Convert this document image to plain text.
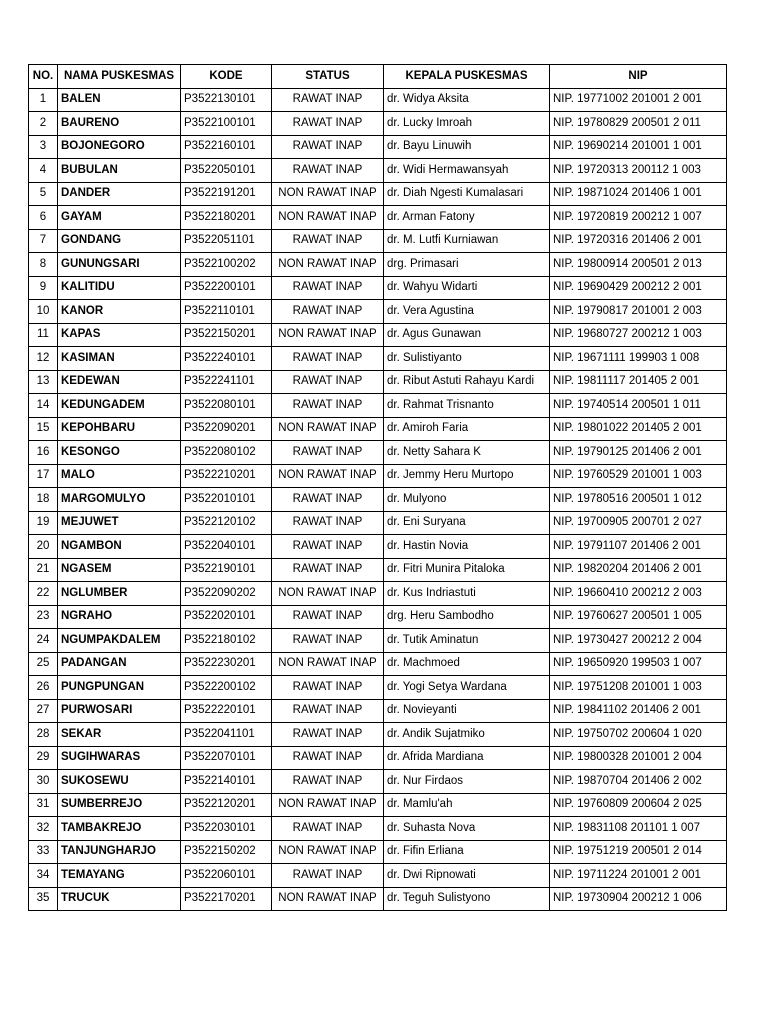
NO.	NAMA PUSKESMAS	KODE	STATUS	KEPALA PUSKESMAS	NIP
1	BALEN	P3522130101	RAWAT INAP	dr. Widya Aksita	NIP. 19771002 201001 2 001
2	BAURENO	P3522100101	RAWAT INAP	dr. Lucky Imroah	NIP. 19780829 200501 2 011
3	BOJONEGORO	P3522160101	RAWAT INAP	dr. Bayu Linuwih	NIP. 19690214 201001 1 001
4	BUBULAN	P3522050101	RAWAT INAP	dr. Widi Hermawansyah	NIP. 19720313 200112 1 003
5	DANDER	P3522191201	NON RAWAT INAP	dr. Diah Ngesti Kumalasari	NIP. 19871024 201406 1 001
6	GAYAM	P3522180201	NON RAWAT INAP	dr. Arman Fatony	NIP. 19720819 200212 1 007
7	GONDANG	P3522051101	RAWAT INAP	dr. M. Lutfi Kurniawan	NIP. 19720316 201406 2 001
8	GUNUNGSARI	P3522100202	NON RAWAT INAP	drg. Primasari	NIP. 19800914 200501 2 013
9	KALITIDU	P3522200101	RAWAT INAP	dr. Wahyu Widarti	NIP. 19690429 200212 2 001
10	KANOR	P3522110101	RAWAT INAP	dr. Vera Agustina	NIP. 19790817 201001 2 003
11	KAPAS	P3522150201	NON RAWAT INAP	dr. Agus Gunawan	NIP. 19680727 200212 1 003
12	KASIMAN	P3522240101	RAWAT INAP	dr. Sulistiyanto	NIP. 19671111 199903 1 008
13	KEDEWAN	P3522241101	RAWAT INAP	dr. Ribut Astuti Rahayu Kardi	NIP. 19811117 201405 2 001
14	KEDUNGADEM	P3522080101	RAWAT INAP	dr. Rahmat Trisnanto	NIP. 19740514 200501 1 011
15	KEPOHBARU	P3522090201	NON RAWAT INAP	dr. Amiroh Faria	NIP. 19801022 201405 2 001
16	KESONGO	P3522080102	RAWAT INAP	dr. Netty Sahara K	NIP. 19790125 201406 2 001
17	MALO	P3522210201	NON RAWAT INAP	dr. Jemmy Heru Murtopo	NIP. 19760529 201001 1 003
18	MARGOMULYO	P3522010101	RAWAT INAP	dr. Mulyono	NIP. 19780516 200501 1 012
19	MEJUWET	P3522120102	RAWAT INAP	dr. Eni Suryana	NIP. 19700905 200701 2 027
20	NGAMBON	P3522040101	RAWAT INAP	dr. Hastin Novia	NIP. 19791107 201406 2 001
21	NGASEM	P3522190101	RAWAT INAP	dr. Fitri Munira Pitaloka	NIP. 19820204 201406 2 001
22	NGLUMBER	P3522090202	NON RAWAT INAP	dr. Kus Indriastuti	NIP. 19660410 200212 2 003
23	NGRAHO	P3522020101	RAWAT INAP	drg. Heru Sambodho	NIP. 19760627 200501 1 005
24	NGUMPAKDALEM	P3522180102	RAWAT INAP	dr. Tutik Aminatun	NIP. 19730427 200212 2 004
25	PADANGAN	P3522230201	NON RAWAT INAP	dr. Machmoed	NIP. 19650920 199503 1 007
26	PUNGPUNGAN	P3522200102	RAWAT INAP	dr. Yogi Setya Wardana	NIP. 19751208 201001 1 003
27	PURWOSARI	P3522220101	RAWAT INAP	dr. Novieyanti	NIP. 19841102 201406 2 001
28	SEKAR	P3522041101	RAWAT INAP	dr. Andik Sujatmiko	NIP. 19750702 200604 1 020
29	SUGIHWARAS	P3522070101	RAWAT INAP	dr. Afrida Mardiana	NIP. 19800328 201001 2 004
30	SUKOSEWU	P3522140101	RAWAT INAP	dr. Nur Firdaos	NIP. 19870704 201406 2 002
31	SUMBERREJO	P3522120201	NON RAWAT INAP	dr. Mamlu'ah	NIP. 19760809 200604 2 025
32	TAMBAKREJO	P3522030101	RAWAT INAP	dr. Suhasta Nova	NIP. 19831108 201101 1 007
33	TANJUNGHARJO	P3522150202	NON RAWAT INAP	dr. Fifin Erliana	NIP. 19751219 200501 2 014
34	TEMAYANG	P3522060101	RAWAT INAP	dr. Dwi Ripnowati	NIP. 19711224 201001 2 001
35	TRUCUK	P3522170201	NON RAWAT INAP	dr. Teguh Sulistyono	NIP. 19730904 200212 1 006
